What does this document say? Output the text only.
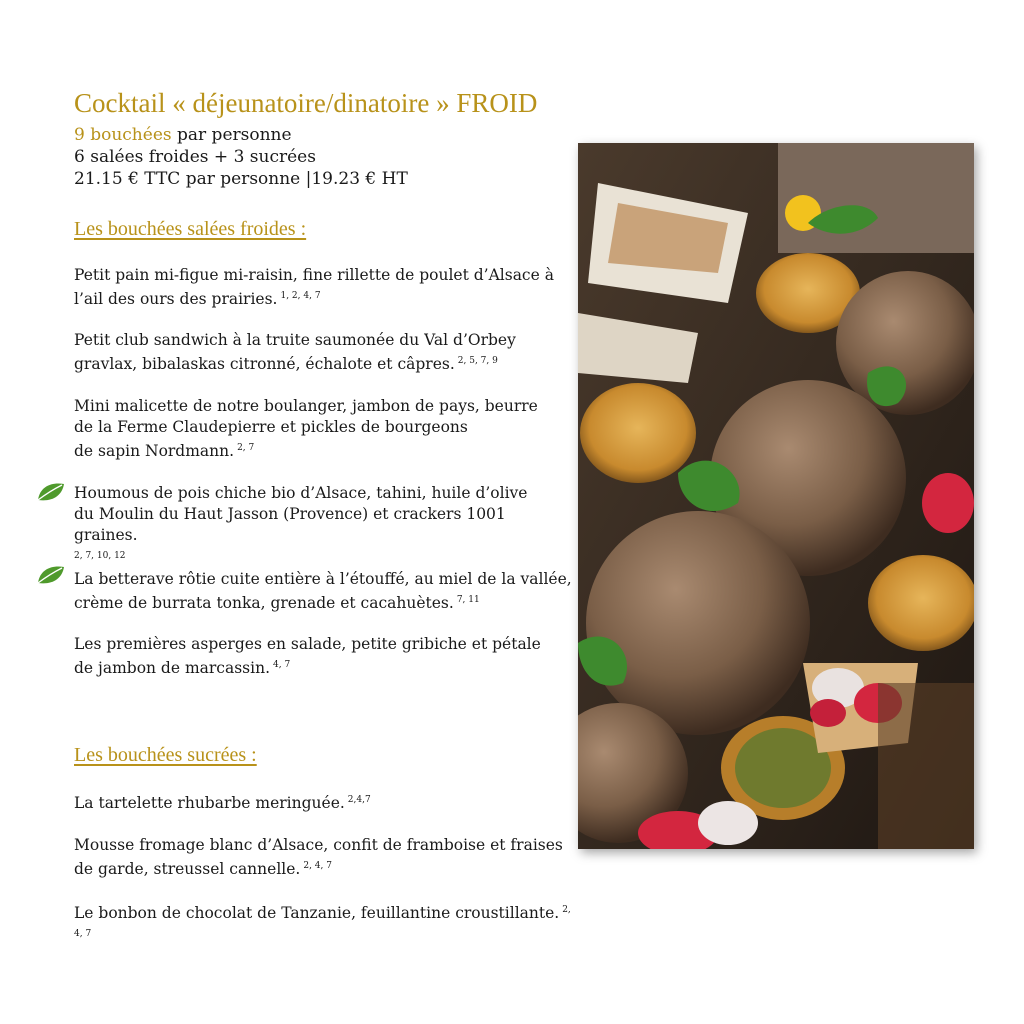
Cocktail « déjeunatoire/dinatoire » FROID
9 bouchées par personne
6 salées froides + 3 sucrées
21.15 € TTC par personne |19.23 € HT
Les bouchées salées froides :
Petit pain mi-figue mi-raisin, fine rillette de poulet d’Alsace à
l’ail des ours des prairies. $^{1, 2, 4, 7}$
Petit club sandwich à la truite saumonée du Val d’Orbey
gravlax, bibalaskas citronné, échalote et câpres. $^{2, 5, 7, 9}$
Mini malicette de notre boulanger, jambon de pays, beurre
de la Ferme Claudepierre et pickles de bourgeons
de sapin Nordmann. $^{2, 7}$
Houmous de pois chiche bio d’Alsace, tahini, huile d’olive
du Moulin du Haut Jasson (Provence) et crackers 1001 graines.
$^{2, 7, 10, 12}$
La betterave rôtie cuite entière à l’étouffé, au miel de la vallée,
crème de burrata tonka, grenade et cacahuètes. $^{7, 11}$
Les premières asperges en salade, petite gribiche et pétale
de jambon de marcassin. $^{4, 7}$
Les bouchées sucrées :
La tartelette rhubarbe meringuée. $^{2,4,7}$
Mousse fromage blanc d’Alsace, confit de framboise et fraises
de garde, streussel cannelle. $^{2, 4, 7}$
Le bonbon de chocolat de Tanzanie, feuillantine croustillante. $^{2, 4, 7}$
